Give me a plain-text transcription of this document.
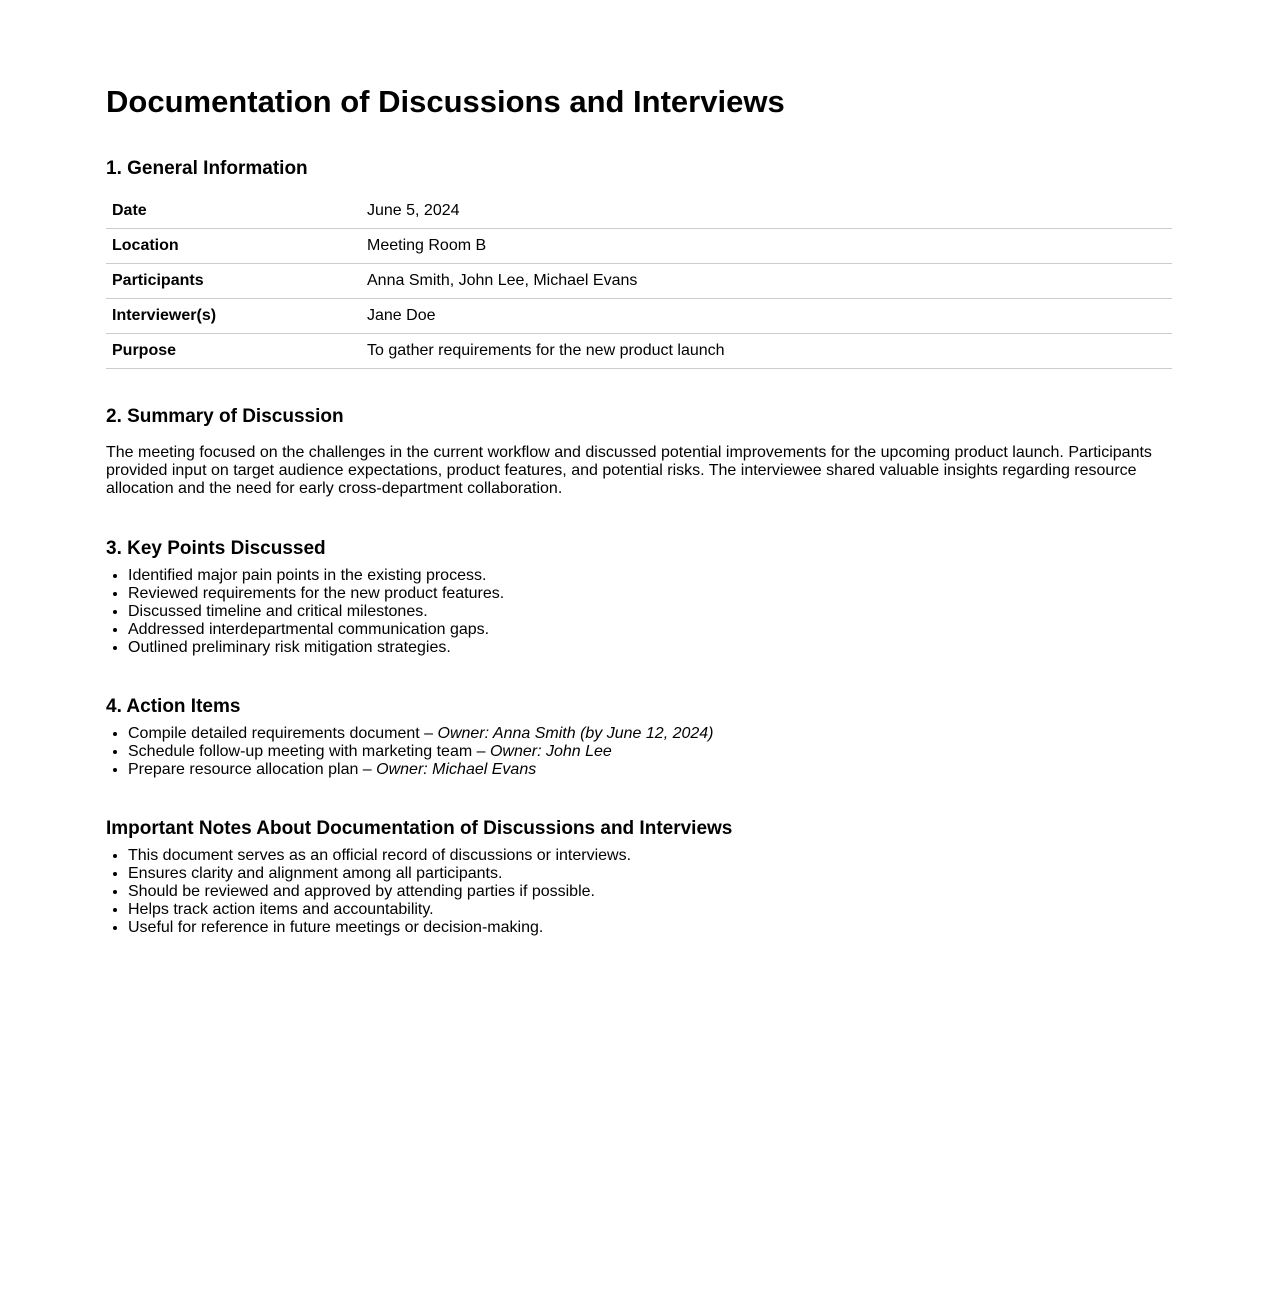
Documentation of Discussions and Interviews
1. General Information
Date	June 5, 2024
Location	Meeting Room B
Participants	Anna Smith, John Lee, Michael Evans
Interviewer(s)	Jane Doe
Purpose	To gather requirements for the new product launch
2. Summary of Discussion

The meeting focused on the challenges in the current workflow and discussed potential improvements for the upcoming product launch. Participants provided input on target audience expectations, product features, and potential risks. The interviewee shared valuable insights regarding resource allocation and the need for early cross-department collaboration.

3. Key Points Discussed
• Identified major pain points in the existing process.
• Reviewed requirements for the new product features.
• Discussed timeline and critical milestones.
• Addressed interdepartmental communication gaps.
• Outlined preliminary risk mitigation strategies.
4. Action Items
• Compile detailed requirements document – Owner: Anna Smith (by June 12, 2024)
• Schedule follow-up meeting with marketing team – Owner: John Lee
• Prepare resource allocation plan – Owner: Michael Evans
Important Notes About Documentation of Discussions and Interviews
• This document serves as an official record of discussions or interviews.
• Ensures clarity and alignment among all participants.
• Should be reviewed and approved by attending parties if possible.
• Helps track action items and accountability.
• Useful for reference in future meetings or decision-making.
